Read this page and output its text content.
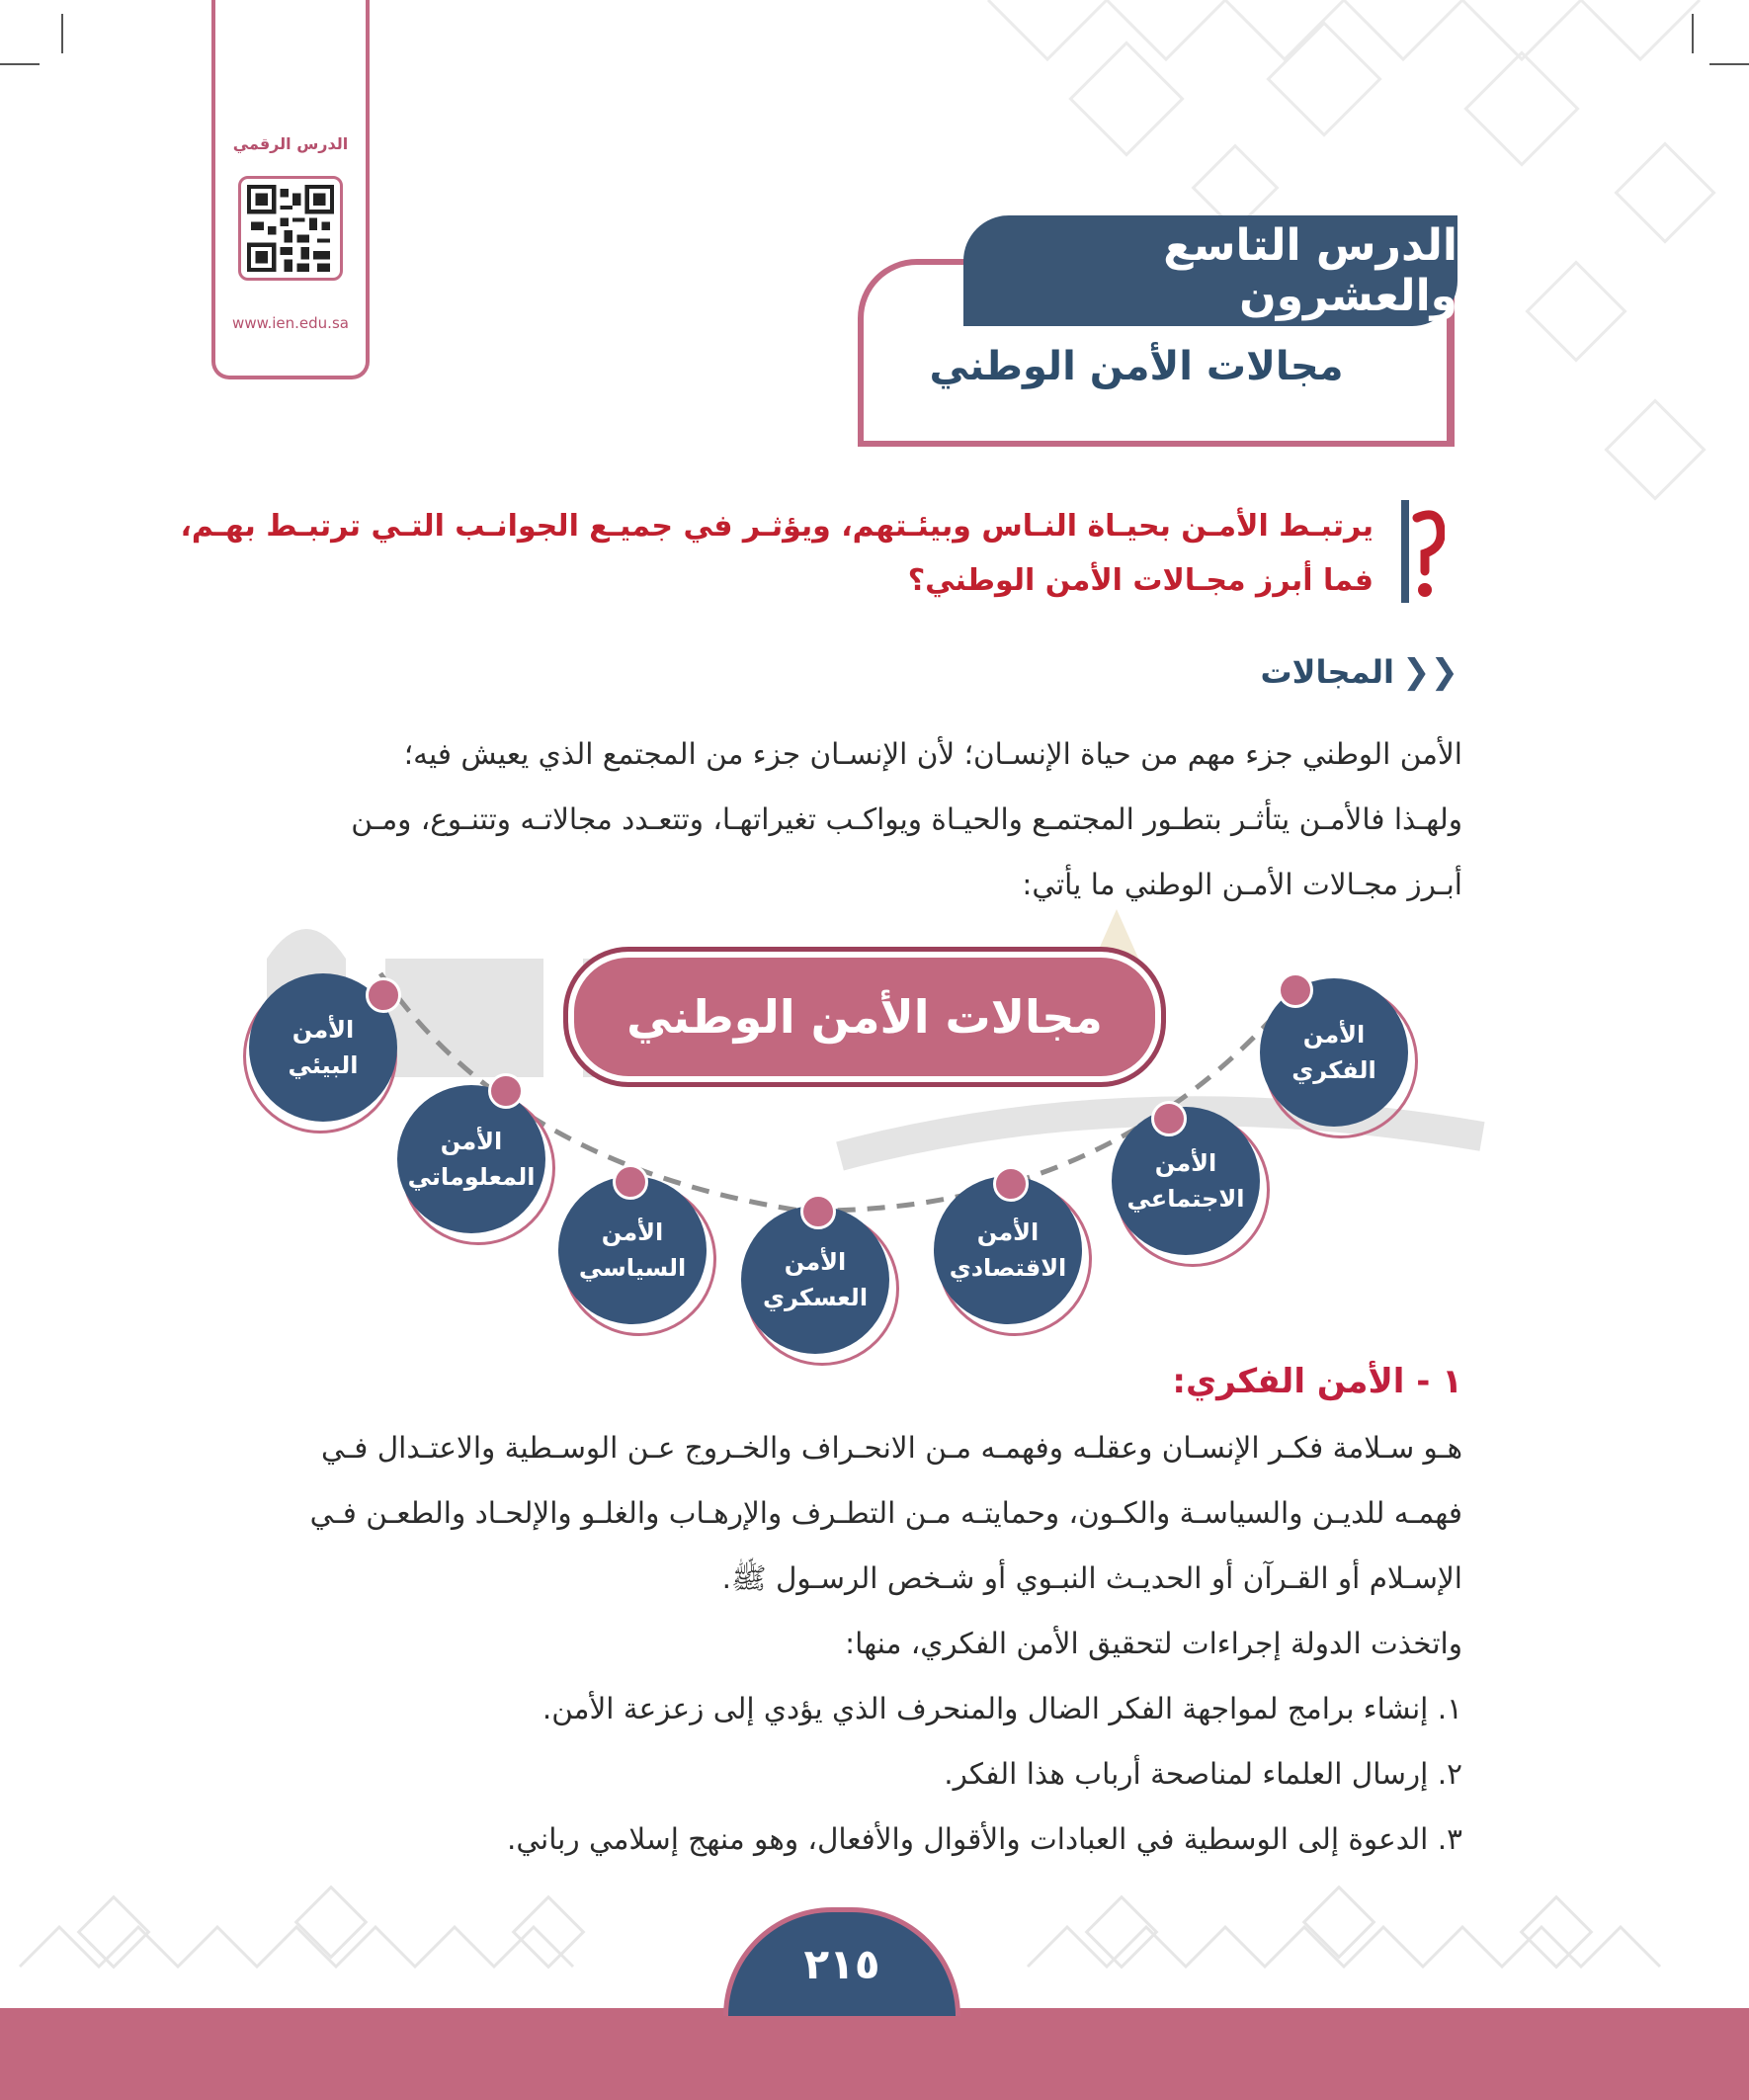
الدرس الرقمي
www.ien.edu.sa
الدرس التاسع والعشرون
مجالات الأمن الوطني
يرتبـط الأمـن بحيـاة النـاس وبيئـتهم، ويؤثـر في جميـع الجوانـب التـي ترتبـط بهـم،
فما أبرز مجـالات الأمن الوطني؟
❮❮
المجالات
الأمن الوطني جزء مهم من حياة الإنسـان؛ لأن الإنسـان جزء من المجتمع الذي يعيش فيه؛
ولهـذا فالأمـن يتأثـر بتطـور المجتمـع والحيـاة ويواكـب تغيراتهـا، وتتعـدد مجالاتـه وتتنـوع، ومـن
أبـرز مجـالات الأمـن الوطني ما يأتي:
مجالات الأمن الوطني	الأمن
الفكري
الأمن
الاجتماعي
الأمن
الاقتصادي
الأمن
العسكري
الأمن
السياسي
الأمن
المعلوماتي
الأمن
البيئي
١ - الأمن الفكري:
هـو سـلامة فكـر الإنسـان وعقلـه وفهمـه مـن الانحـراف والخـروج عـن الوسـطية والاعتـدال فـي
فهمـه للديـن والسياسـة والكـون، وحمايتـه مـن التطـرف والإرهـاب والغلـو والإلحـاد والطعـن فـي
الإسـلام أو القـرآن أو الحديـث النبـوي أو شـخص الرسـول ﷺ.
واتخذت الدولة إجراءات لتحقيق الأمن الفكري، منها:
١. إنشاء برامج لمواجهة الفكر الضال والمنحرف الذي يؤدي إلى زعزعة الأمن.
٢. إرسال العلماء لمناصحة أرباب هذا الفكر.
٣. الدعوة إلى الوسطية في العبادات والأقوال والأفعال، وهو منهج إسلامي رباني.
٢١٥
